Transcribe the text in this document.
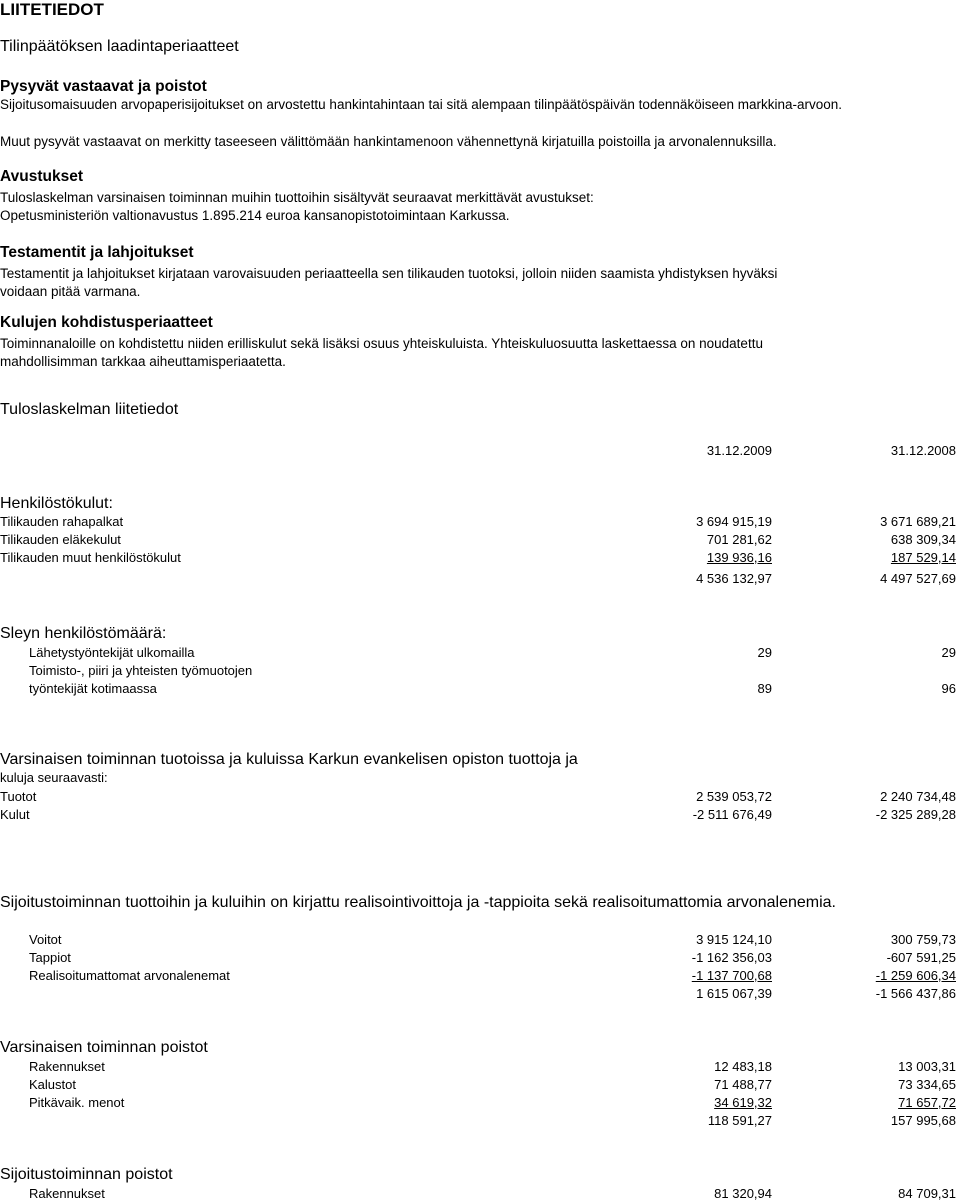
LIITETIEDOT
Tilinpäätöksen laadintaperiaatteet
Pysyvät vastaavat ja poistot
Sijoitusomaisuuden arvopaperisijoitukset on arvostettu hankintahintaan tai sitä alempaan tilinpäätöspäivän todennäköiseen markkina-arvoon.
Muut pysyvät vastaavat on merkitty taseeseen välittömään hankintamenoon vähennettynä kirjatuilla poistoilla ja arvonalennuksilla.
Avustukset
Tuloslaskelman varsinaisen toiminnan muihin tuottoihin sisältyvät seuraavat merkittävät avustukset:
Opetusministeriön valtionavustus 1.895.214 euroa kansanopistotoimintaan Karkussa.
Testamentit ja lahjoitukset
Testamentit ja lahjoitukset kirjataan varovaisuuden periaatteella sen tilikauden tuotoksi, jolloin niiden saamista yhdistyksen hyväksi
voidaan pitää varmana.
Kulujen kohdistusperiaatteet
Toiminnanaloille on kohdistettu niiden erilliskulut sekä lisäksi osuus yhteiskuluista. Yhteiskuluosuutta laskettaessa on noudatettu
mahdollisimman tarkkaa aiheuttamisperiaatetta.
Tuloslaskelman liitetiedot
31.12.2009	31.12.2008
Henkilöstökulut:
Tilikauden rahapalkat	3 694 915,19	3 671 689,21
Tilikauden eläkekulut	701 281,62	638 309,34
Tilikauden muut henkilöstökulut	139 936,16	187 529,14
4 536 132,97	4 497 527,69
Sleyn henkilöstömäärä:
Lähetystyöntekijät ulkomailla	29	29
Toimisto-, piiri ja yhteisten työmuotojen
työntekijät kotimaassa	89	96
Varsinaisen toiminnan tuotoissa ja kuluissa Karkun evankelisen opiston tuottoja ja
kuluja seuraavasti:
Tuotot	2 539 053,72	2 240 734,48
Kulut	-2 511 676,49	-2 325 289,28
Sijoitustoiminnan tuottoihin ja kuluihin on kirjattu realisointivoittoja ja -tappioita sekä realisoitumattomia arvonalenemia.
Voitot	3 915 124,10	300 759,73
Tappiot	-1 162 356,03	-607 591,25
Realisoitumattomat arvonalenemat	-1 137 700,68	-1 259 606,34
1 615 067,39	-1 566 437,86
Varsinaisen toiminnan poistot
Rakennukset	12 483,18	13 003,31
Kalustot	71 488,77	73 334,65
Pitkävaik. menot	34 619,32	71 657,72
118 591,27	157 995,68
Sijoitustoiminnan poistot
Rakennukset	81 320,94	84 709,31
